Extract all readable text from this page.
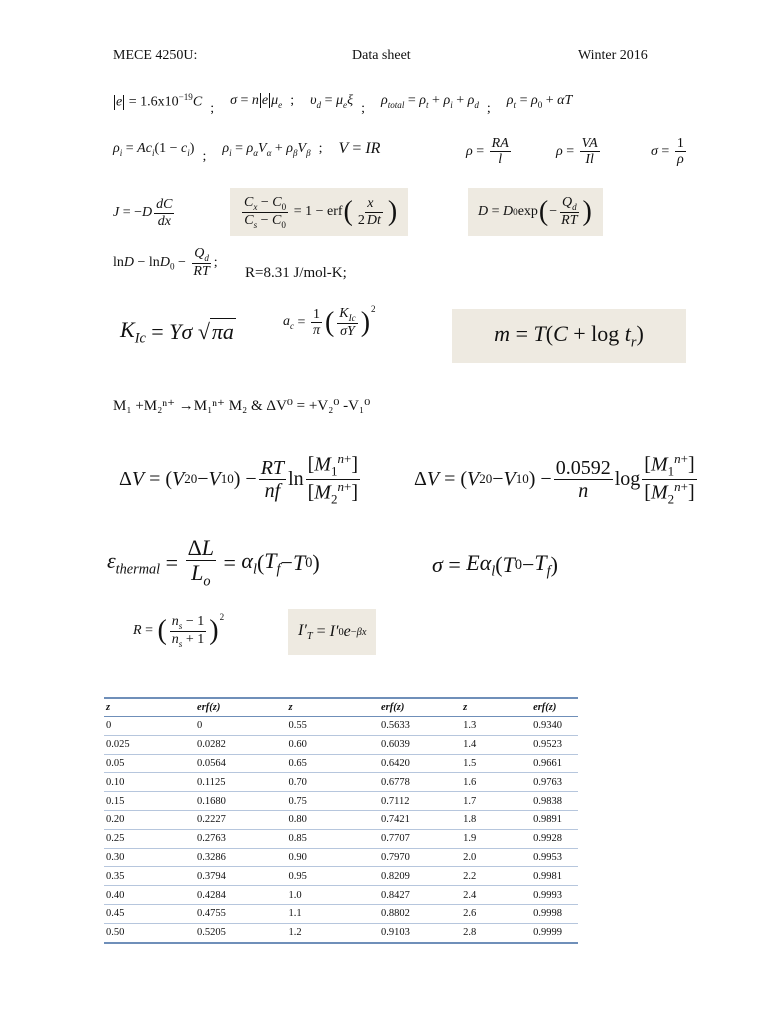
MECE 4250U:	Data sheet	Winter 2016
$e = 1.6x10^{-19}C$ ;
σ = n e $\mu_e$ ; $\upsilon_d = \mu_e\xi$
;
$\rho_{total} = \rho_t + \rho_i + \rho_d$ ;
$\rho_t = \rho_0 + \alpha T$
$\rho_i = Ac_i(1 - c_i)$
;
$\rho_i = \rho_\alpha V_\alpha + \rho_\beta V_\beta$ ; V = IR	$\rho = \frac{RA}{l}$	$\rho = \frac{VA}{Il}$	$\sigma = \frac{1}{\rho}$
J = − D $\frac{dC}{dx}$	$\frac{C_x - C_0}{C_s - C_0} = 1$ − erf ( $\frac{x}{2 Dt}$ )	D = D 0 exp ( − $\frac{Q_d}{RT}$ )
$\ln D - \ln D_0 - \frac{Q_d}{RT}$ ;
R=8.31 J/mol-K;
$K_{Ic} = Y\sigma$
√πa	$a_c = \frac{1}{\pi}$ ( $\frac{K_{Ic}}{\sigma Y} )^2$
$m = T(C + \log t_r)$
M₁ +M₂ⁿ⁺ →M₁ⁿ⁺ M₂ & ΔV⁰ = +V₂⁰ -V₁⁰
Δ V = ( V 2 0 − V 1 0 ) − $\frac{RT}{nf}$ $\ln \frac{[M_1^{n+}]}{[M_2^{n+}]}$	Δ V = ( V 2 0 − V 1 0 ) − $\frac{0.0592}{n}$ $\log \frac{[M_1^{n+}]}{[M_2^{n+}]}$
$\varepsilon_{thermal} = \frac{\Delta L}{L_o} = \alpha_l$ ( $T_f - T$ 0 )	$\sigma = E\alpha_l$ ( T $0 - T_f$ )
R = ( $\frac{n_s - 1}{n_s + 1} )^2$
$I'_T = I'$ 0 e −βx
z	erf(z)	z	erf(z)	z	erf(z)
0	0	0.55	0.5633	1.3	0.9340
0.025	0.0282	0.60	0.6039	1.4	0.9523
0.05	0.0564	0.65	0.6420	1.5	0.9661
0.10	0.1125	0.70	0.6778	1.6	0.9763
0.15	0.1680	0.75	0.7112	1.7	0.9838
0.20	0.2227	0.80	0.7421	1.8	0.9891
0.25	0.2763	0.85	0.7707	1.9	0.9928
0.30	0.3286	0.90	0.7970	2.0	0.9953
0.35	0.3794	0.95	0.8209	2.2	0.9981
0.40	0.4284	1.0	0.8427	2.4	0.9993
0.45	0.4755	1.1	0.8802	2.6	0.9998
0.50	0.5205	1.2	0.9103	2.8	0.9999
